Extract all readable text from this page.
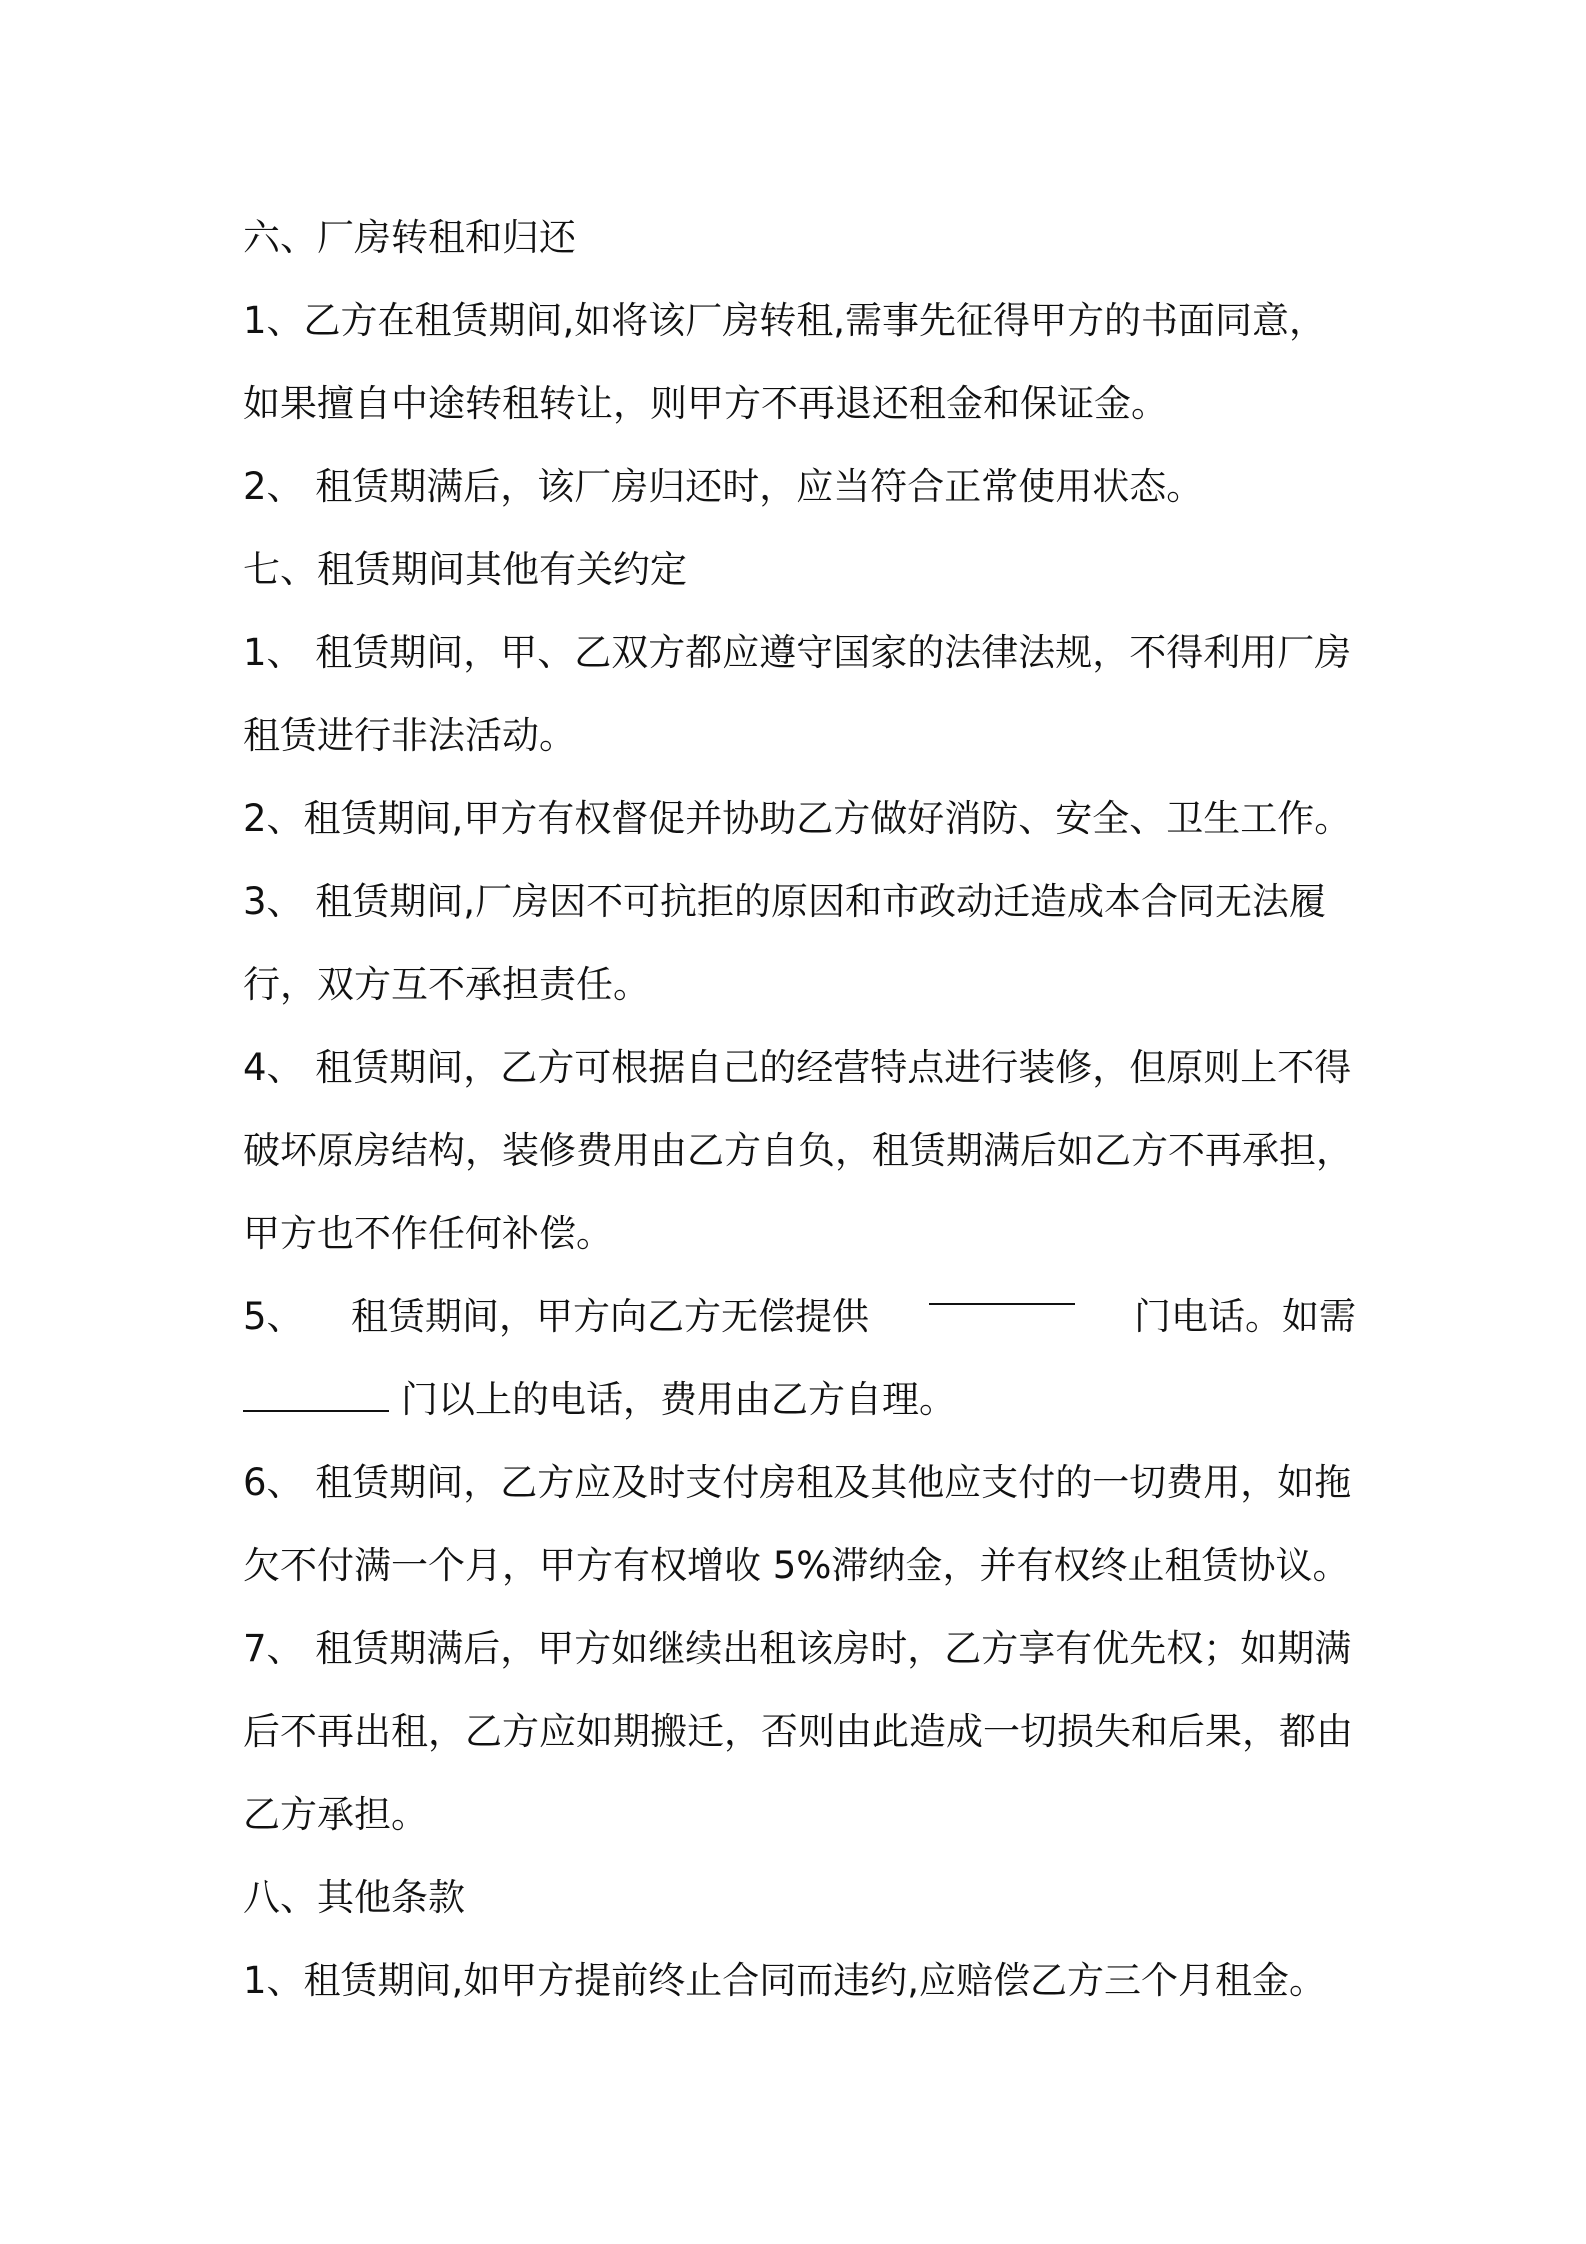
六、厂房转租和归还
1、乙方在租赁期间,如将该厂房转租,需事先征得甲方的书面同意，
如果擅自中途转租转让，则甲方不再退还租金和保证金。
2、 租赁期满后，该厂房归还时，应当符合正常使用状态。
七、租赁期间其他有关约定
1、 租赁期间，甲、乙双方都应遵守国家的法律法规，不得利用厂房
租赁进行非法活动。
2、租赁期间,甲方有权督促并协助乙方做好消防、安全、卫生工作。
3、 租赁期间,厂房因不可抗拒的原因和市政动迁造成本合同无法履
行，双方互不承担责任。
4、 租赁期间，乙方可根据自己的经营特点进行装修，但原则上不得
破坏原房结构，装修费用由乙方自负，租赁期满后如乙方不再承担，
甲方也不作任何补偿。
5、 租赁期间，甲方向乙方无偿提供	门电话。如需
门以上的电话，费用由乙方自理。
6、 租赁期间，乙方应及时支付房租及其他应支付的一切费用，如拖
欠不付满一个月，甲方有权增收 5%滞纳金，并有权终止租赁协议。
7、 租赁期满后，甲方如继续出租该房时，乙方享有优先权；如期满
后不再出租，乙方应如期搬迁，否则由此造成一切损失和后果，都由
乙方承担。
八、其他条款
1、租赁期间,如甲方提前终止合同而违约,应赔偿乙方三个月租金。
